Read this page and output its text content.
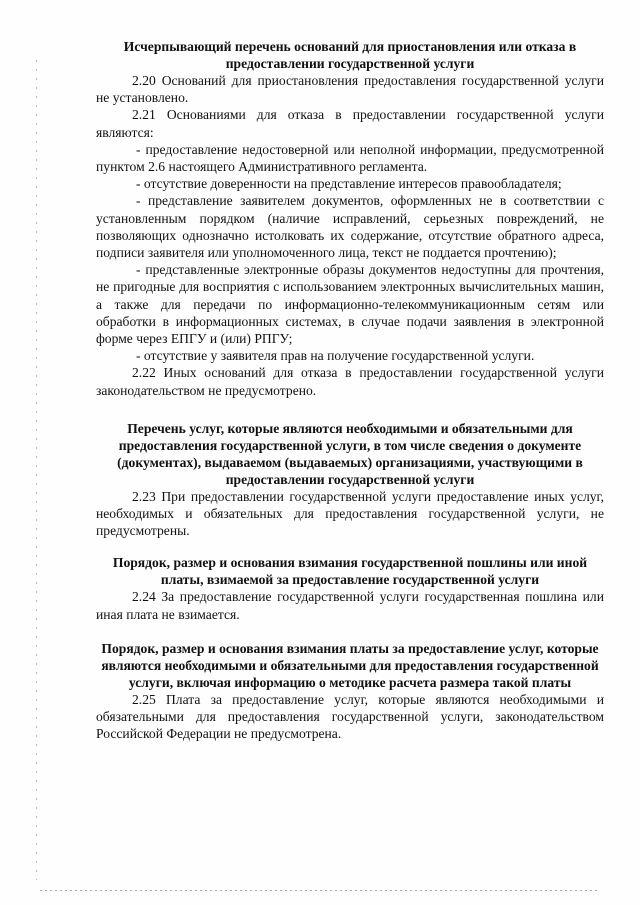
Исчерпывающий перечень оснований для приостановления или отказа в предоставлении государственной услуги

2.20 Оснований для приостановления предоставления государственной услуги не установлено.

2.21 Основаниями для отказа в предоставлении государственной услуги являются:

- предоставление недостоверной или неполной информации, предусмотренной пунктом 2.6 настоящего Административного регламента.

- отсутствие доверенности на представление интересов правообладателя;

- представление заявителем документов, оформленных не в соответствии с установленным порядком (наличие исправлений, серьезных повреждений, не позволяющих однозначно истолковать их содержание, отсутствие обратного адреса, подписи заявителя или уполномоченного лица, текст не поддается прочтению);

- представленные электронные образы документов недоступны для прочтения, не пригодные для восприятия с использованием электронных вычислительных машин, а также для передачи по информационно-телекоммуникационным сетям или обработки в информационных системах, в случае подачи заявления в электронной форме через ЕПГУ и (или) РПГУ;

- отсутствие у заявителя прав на получение государственной услуги.

2.22 Иных оснований для отказа в предоставлении государственной услуги законодательством не предусмотрено.

Перечень услуг, которые являются необходимыми и обязательными для предоставления государственной услуги, в том числе сведения о документе (документах), выдаваемом (выдаваемых) организациями, участвующими в предоставлении государственной услуги

2.23 При предоставлении государственной услуги предоставление иных услуг, необходимых и обязательных для предоставления государственной услуги, не предусмотрены.

Порядок, размер и основания взимания государственной пошлины или иной платы, взимаемой за предоставление государственной услуги

2.24 За предоставление государственной услуги государственная пошлина или иная плата не взимается.

Порядок, размер и основания взимания платы за предоставление услуг, которые являются необходимыми и обязательными для предоставления государственной услуги, включая информацию о методике расчета размера такой платы

2.25 Плата за предоставление услуг, которые являются необходимыми и обязательными для предоставления государственной услуги, законодательством Российской Федерации не предусмотрена.
